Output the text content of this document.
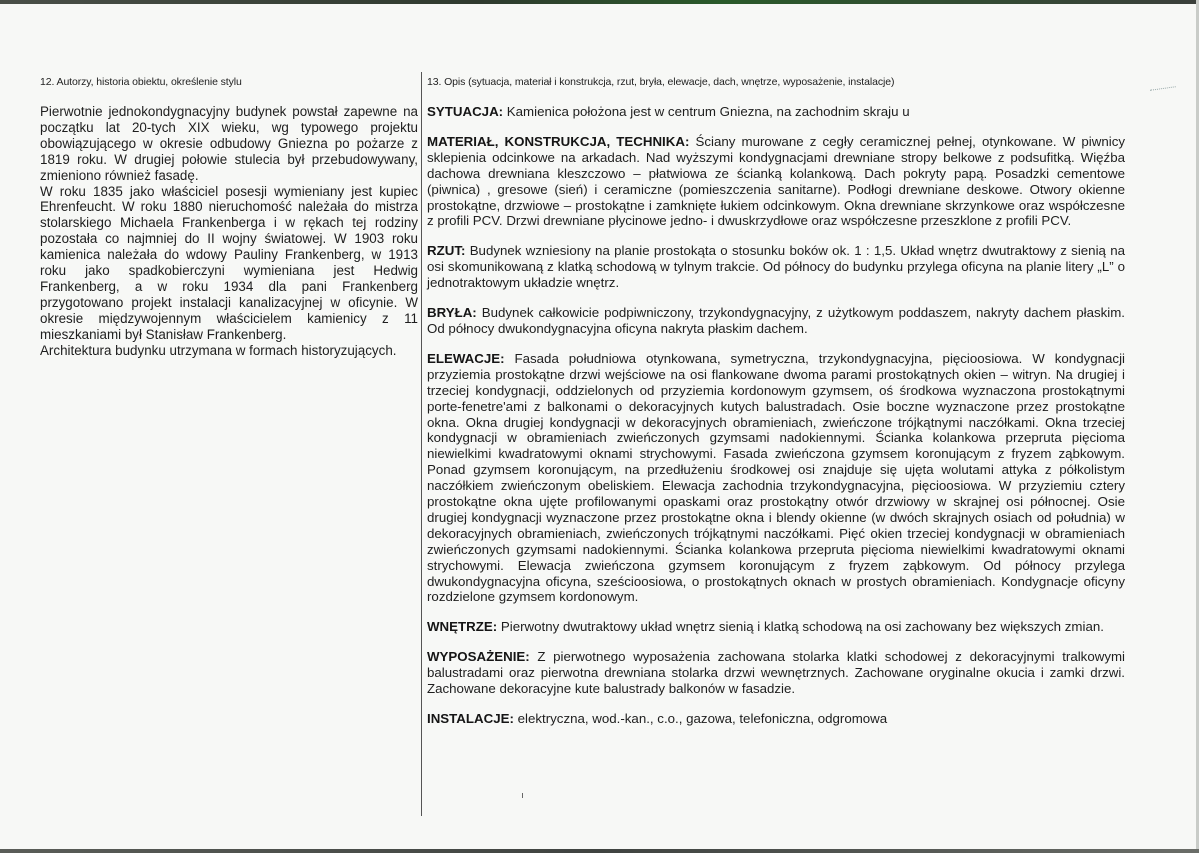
12. Autorzy, historia obiektu, określenie stylu

Pierwotnie jednokondygnacyjny budynek powstał zapewne na początku lat 20-tych XIX wieku, wg typowego projektu obowiązującego w okresie odbudowy Gniezna po pożarze z 1819 roku. W drugiej połowie stulecia był przebudowywany, zmieniono również fasadę.

W roku 1835 jako właściciel posesji wymieniany jest kupiec Ehrenfeucht. W roku 1880 nieruchomość należała do mistrza stolarskiego Michaela Frankenberga i w rękach tej rodziny pozostała co najmniej do II wojny światowej. W 1903 roku kamienica należała do wdowy Pauliny Frankenberg, w 1913 roku jako spadkobierczyni wymieniana jest Hedwig Frankenberg, a w roku 1934 dla pani Frankenberg przygotowano projekt instalacji kanalizacyjnej w oficynie. W okresie międzywojennym właścicielem kamienicy z 11 mieszkaniami był Stanisław Frankenberg.

Architektura budynku utrzymana w formach historyzujących.

13. Opis (sytuacja, materiał i konstrukcja, rzut, bryła, elewacje, dach, wnętrze, wyposażenie, instalacje)

SYTUACJA: Kamienica położona jest w centrum Gniezna, na zachodnim skraju u

MATERIAŁ, KONSTRUKCJA, TECHNIKA: Ściany murowane z cegły ceramicznej pełnej, otynkowane. W piwnicy sklepienia odcinkowe na arkadach. Nad wyższymi kondygnacjami drewniane stropy belkowe z podsufitką. Więźba dachowa drewniana kleszczowo – płatwiowa ze ścianką kolankową. Dach pokryty papą. Posadzki cementowe (piwnica) , gresowe (sień) i ceramiczne (pomieszczenia sanitarne). Podłogi drewniane deskowe. Otwory okienne prostokątne, drzwiowe – prostokątne i zamknięte łukiem odcinkowym. Okna drewniane skrzynkowe oraz współczesne z profili PCV. Drzwi drewniane płycinowe jedno- i dwuskrzydłowe oraz współczesne przeszklone z profili PCV.

RZUT: Budynek wzniesiony na planie prostokąta o stosunku boków ok. 1 : 1,5. Układ wnętrz dwutraktowy z sienią na osi skomunikowaną z klatką schodową w tylnym trakcie. Od północy do budynku przylega oficyna na planie litery „L” o jednotraktowym układzie wnętrz.

BRYŁA: Budynek całkowicie podpiwniczony, trzykondygnacyjny, z użytkowym poddaszem, nakryty dachem płaskim. Od północy dwukondygnacyjna oficyna nakryta płaskim dachem.

ELEWACJE: Fasada południowa otynkowana, symetryczna, trzykondygnacyjna, pięcioosiowa. W kondygnacji przyziemia prostokątne drzwi wejściowe na osi flankowane dwoma parami prostokątnych okien – witryn. Na drugiej i trzeciej kondygnacji, oddzielonych od przyziemia kordonowym gzymsem, oś środkowa wyznaczona prostokątnymi porte-fenetre'ami z balkonami o dekoracyjnych kutych balustradach. Osie boczne wyznaczone przez prostokątne okna. Okna drugiej kondygnacji w dekoracyjnych obramieniach, zwieńczone trójkątnymi naczółkami. Okna trzeciej kondygnacji w obramieniach zwieńczonych gzymsami nadokiennymi. Ścianka kolankowa przepruta pięcioma niewielkimi kwadratowymi oknami strychowymi. Fasada zwieńczona gzymsem koronującym z fryzem ząbkowym. Ponad gzymsem koronującym, na przedłużeniu środkowej osi znajduje się ujęta wolutami attyka z półkolistym naczółkiem zwieńczonym obeliskiem. Elewacja zachodnia trzykondygnacyjna, pięcioosiowa. W przyziemiu cztery prostokątne okna ujęte profilowanymi opaskami oraz prostokątny otwór drzwiowy w skrajnej osi północnej. Osie drugiej kondygnacji wyznaczone przez prostokątne okna i blendy okienne (w dwóch skrajnych osiach od południa) w dekoracyjnych obramieniach, zwieńczonych trójkątnymi naczółkami. Pięć okien trzeciej kondygnacji w obramieniach zwieńczonych gzymsami nadokiennymi. Ścianka kolankowa przepruta pięcioma niewielkimi kwadratowymi oknami strychowymi. Elewacja zwieńczona gzymsem koronującym z fryzem ząbkowym. Od północy przylega dwukondygnacyjna oficyna, sześcioosiowa, o prostokątnych oknach w prostych obramieniach. Kondygnacje oficyny rozdzielone gzymsem kordonowym.

WNĘTRZE: Pierwotny dwutraktowy układ wnętrz sienią i klatką schodową na osi zachowany bez większych zmian.

WYPOSAŻENIE: Z pierwotnego wyposażenia zachowana stolarka klatki schodowej z dekoracyjnymi tralkowymi balustradami oraz pierwotna drewniana stolarka drzwi wewnętrznych. Zachowane oryginalne okucia i zamki drzwi. Zachowane dekoracyjne kute balustrady balkonów w fasadzie.

INSTALACJE: elektryczna, wod.-kan., c.o., gazowa, telefoniczna, odgromowa
